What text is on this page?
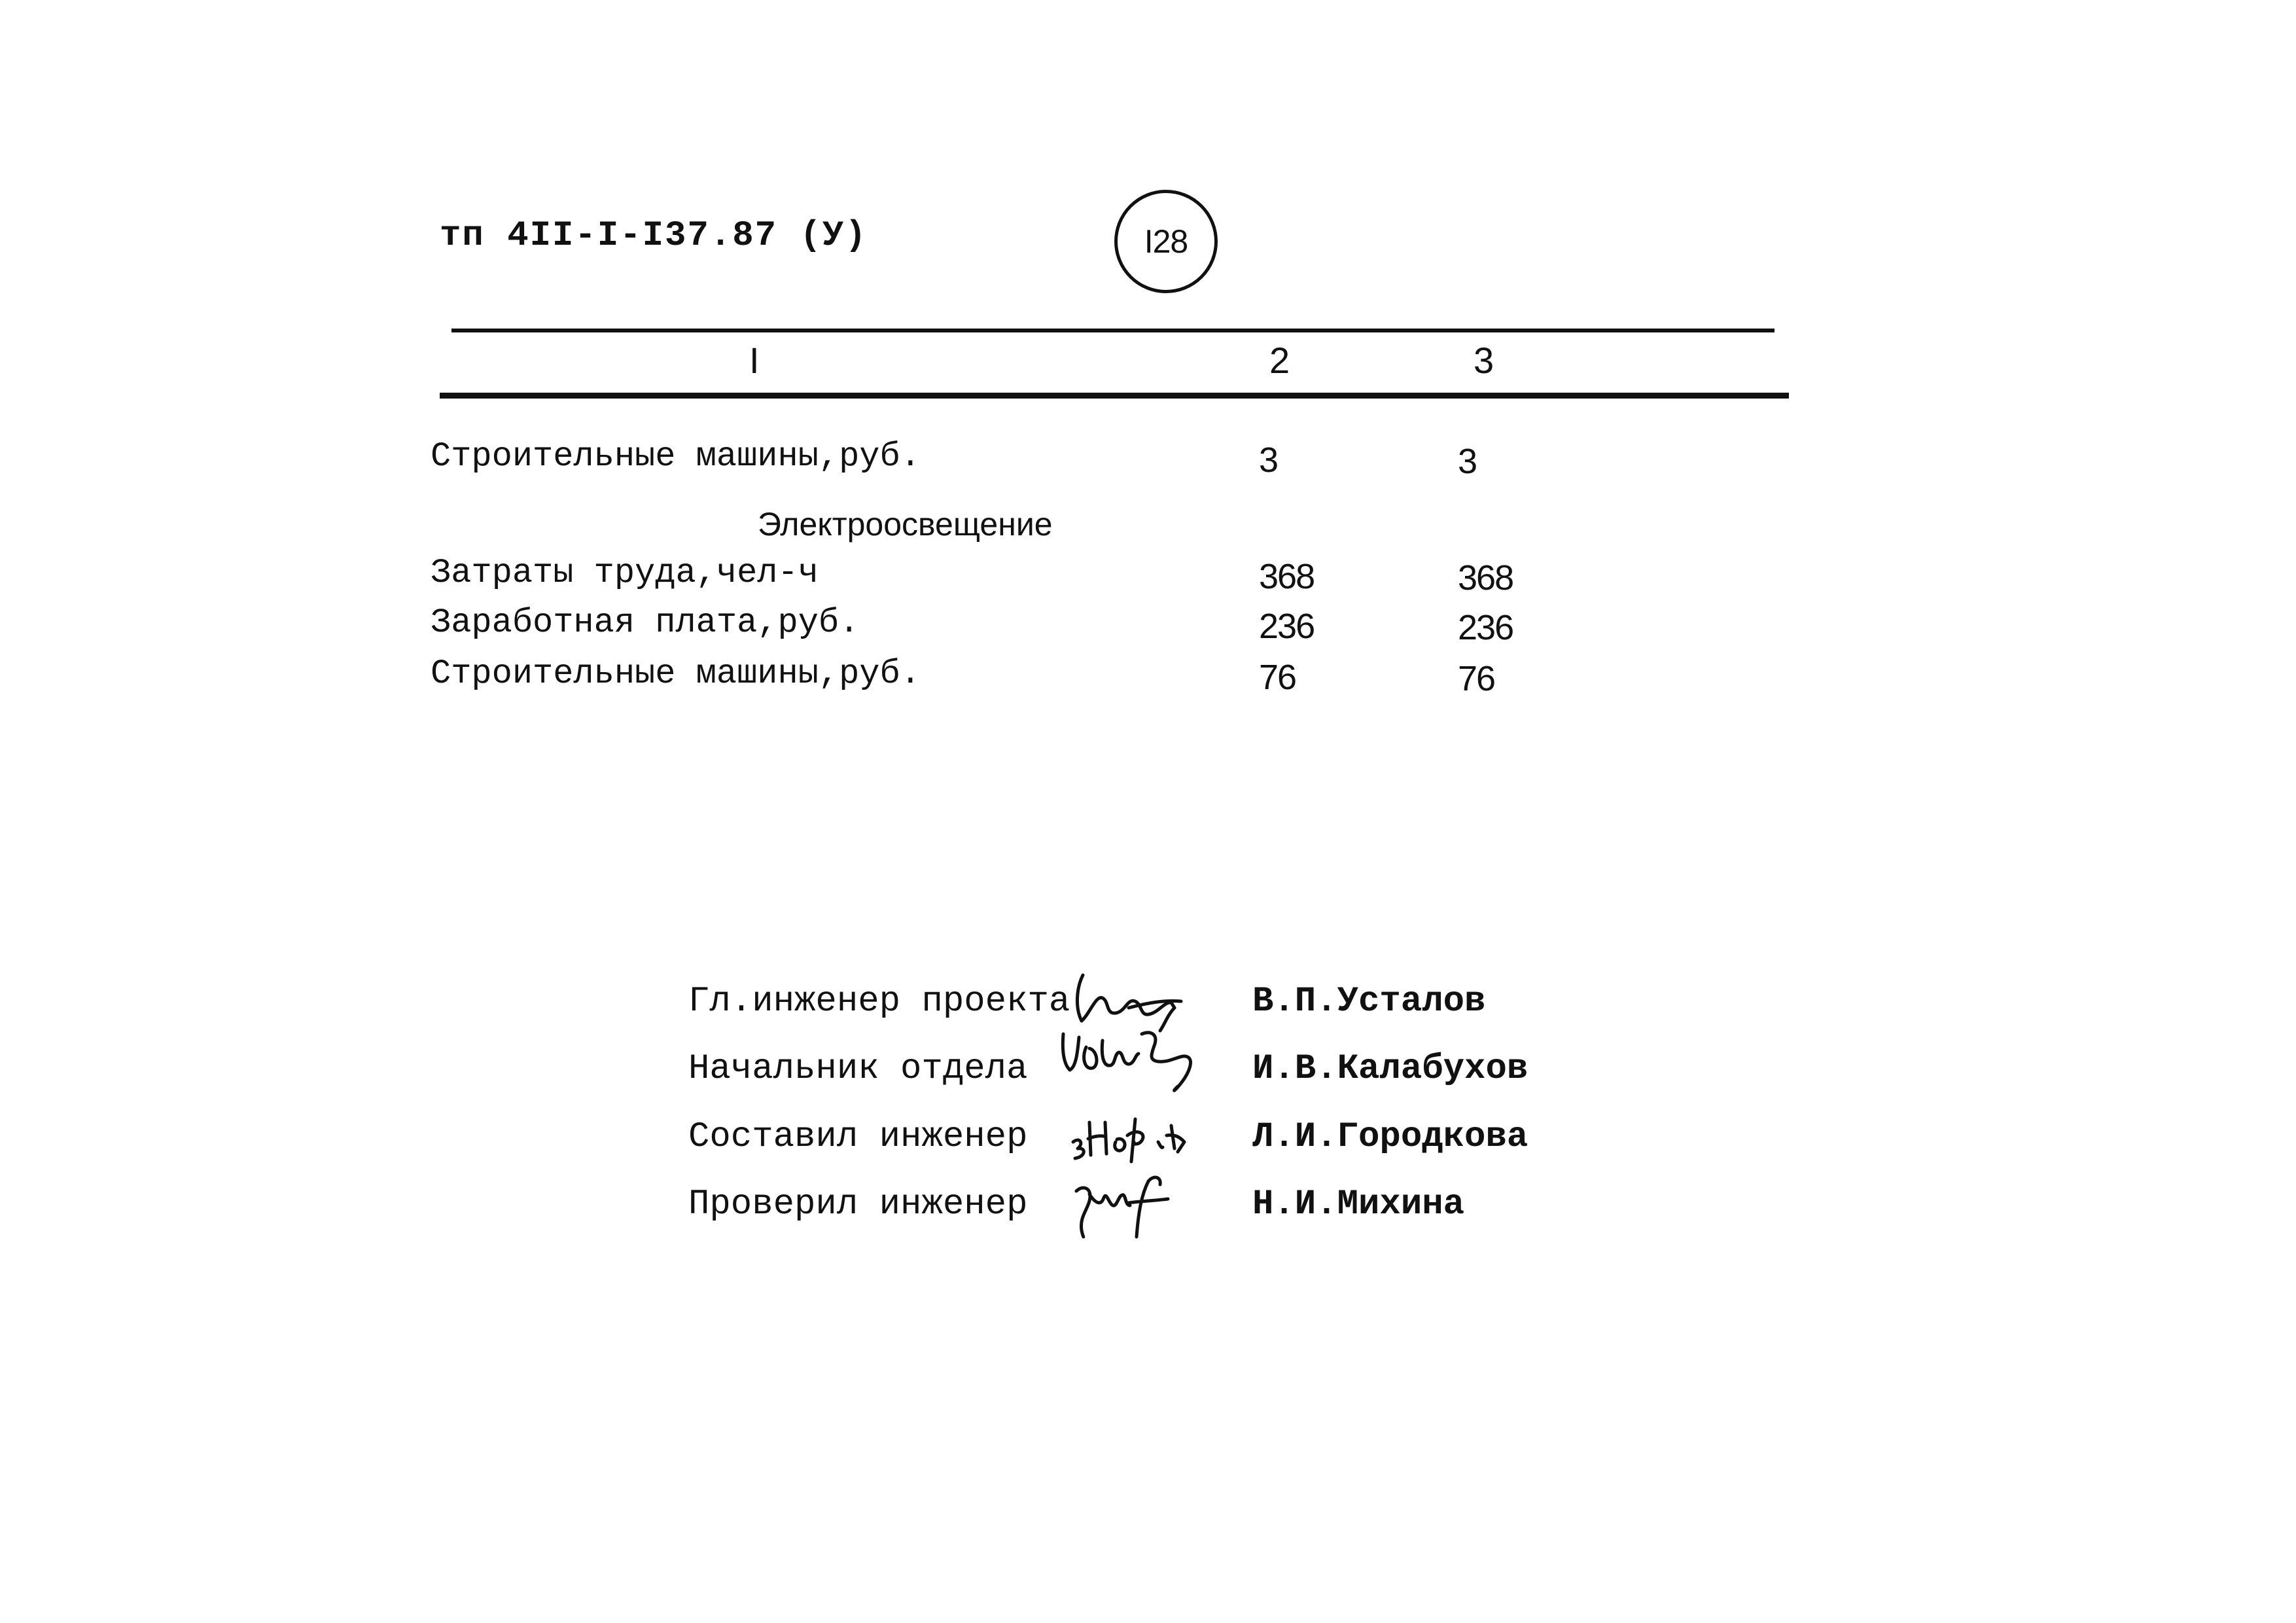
тп 4II-I-I37.87 (У)	I28
I	2	3
Строительные машины,руб.	3	3
Электроосвещение
Затраты труда,чел-ч	368	368
Заработная плата,руб.	236	236
Строительные машины,руб.	76	76
Гл.инженер проекта	В.П.Усталов
Начальник отдела	И.В.Калабухов
Составил инженер	Л.И.Городкова
Проверил инженер	Н.И.Михина
